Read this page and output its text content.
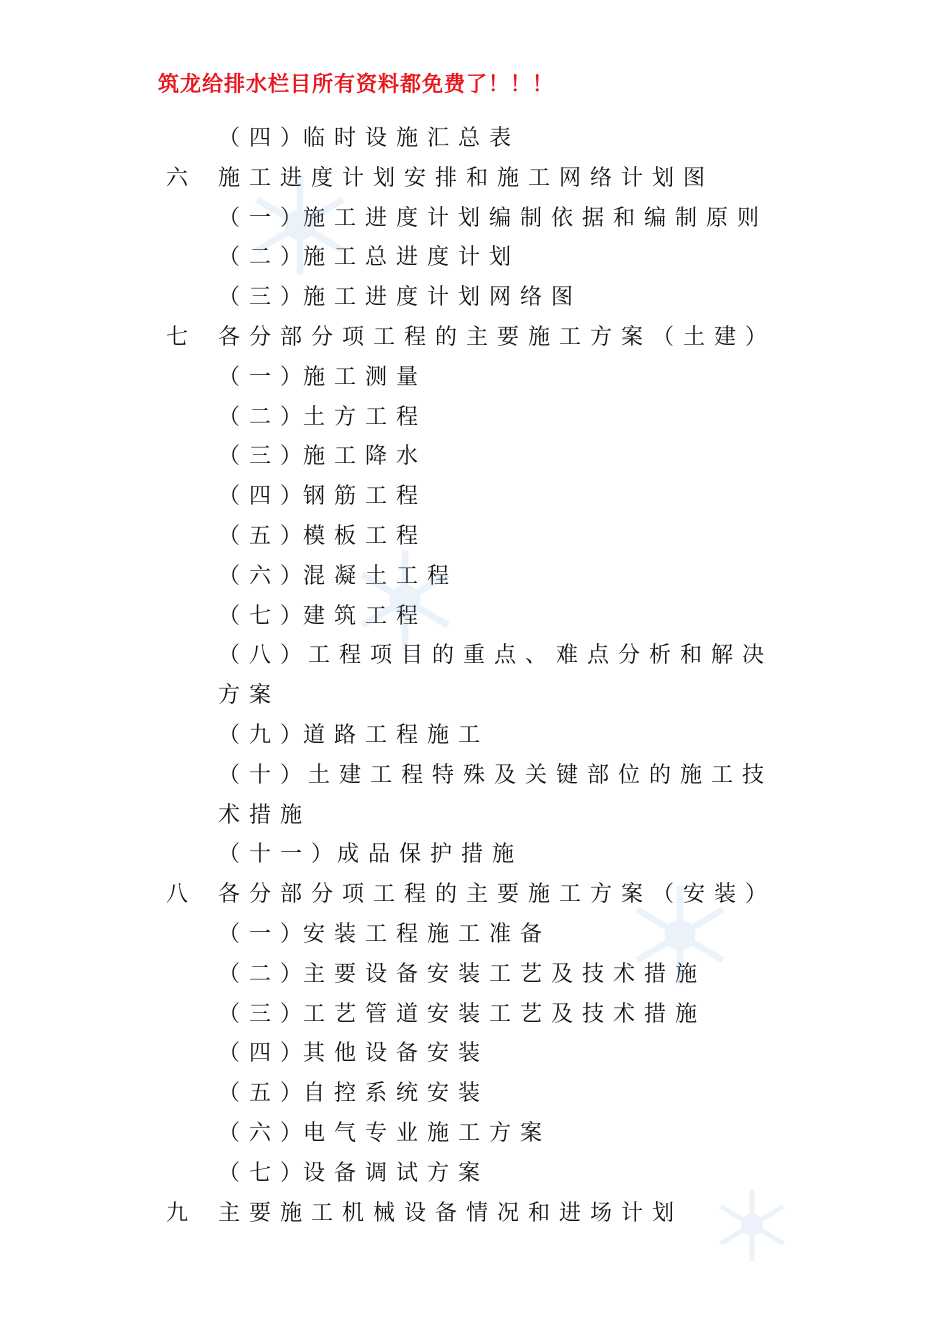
筑龙给排水栏目所有资料都免费了！！！
（四）
临时设施汇总表
六 施工进度计划安排和施工网络计划图
（一）
施工进度计划编制依据和编制原则
（二）
施工总进度计划
（三）
施工进度计划网络图
七 各分部分项工程的主要施工方案（土建）
（一）
施工测量
（二）
土方工程
（三）
施工降水
（四）
钢筋工程
（五）
模板工程
（六）
混凝土工程
（七）
建筑工程
（八）
工程项目的重点、难点分析和解决
方案
（九）
道路工程施工
（十）
土建工程特殊及关键部位的施工技
术措施
（十一）
成品保护措施
八 各分部分项工程的主要施工方案（安装）
（一）
安装工程施工准备
（二）
主要设备安装工艺及技术措施
（三）
工艺管道安装工艺及技术措施
（四）
其他设备安装
（五）
自控系统安装
（六）
电气专业施工方案
（七）
设备调试方案
九 主要施工机械设备情况和进场计划
